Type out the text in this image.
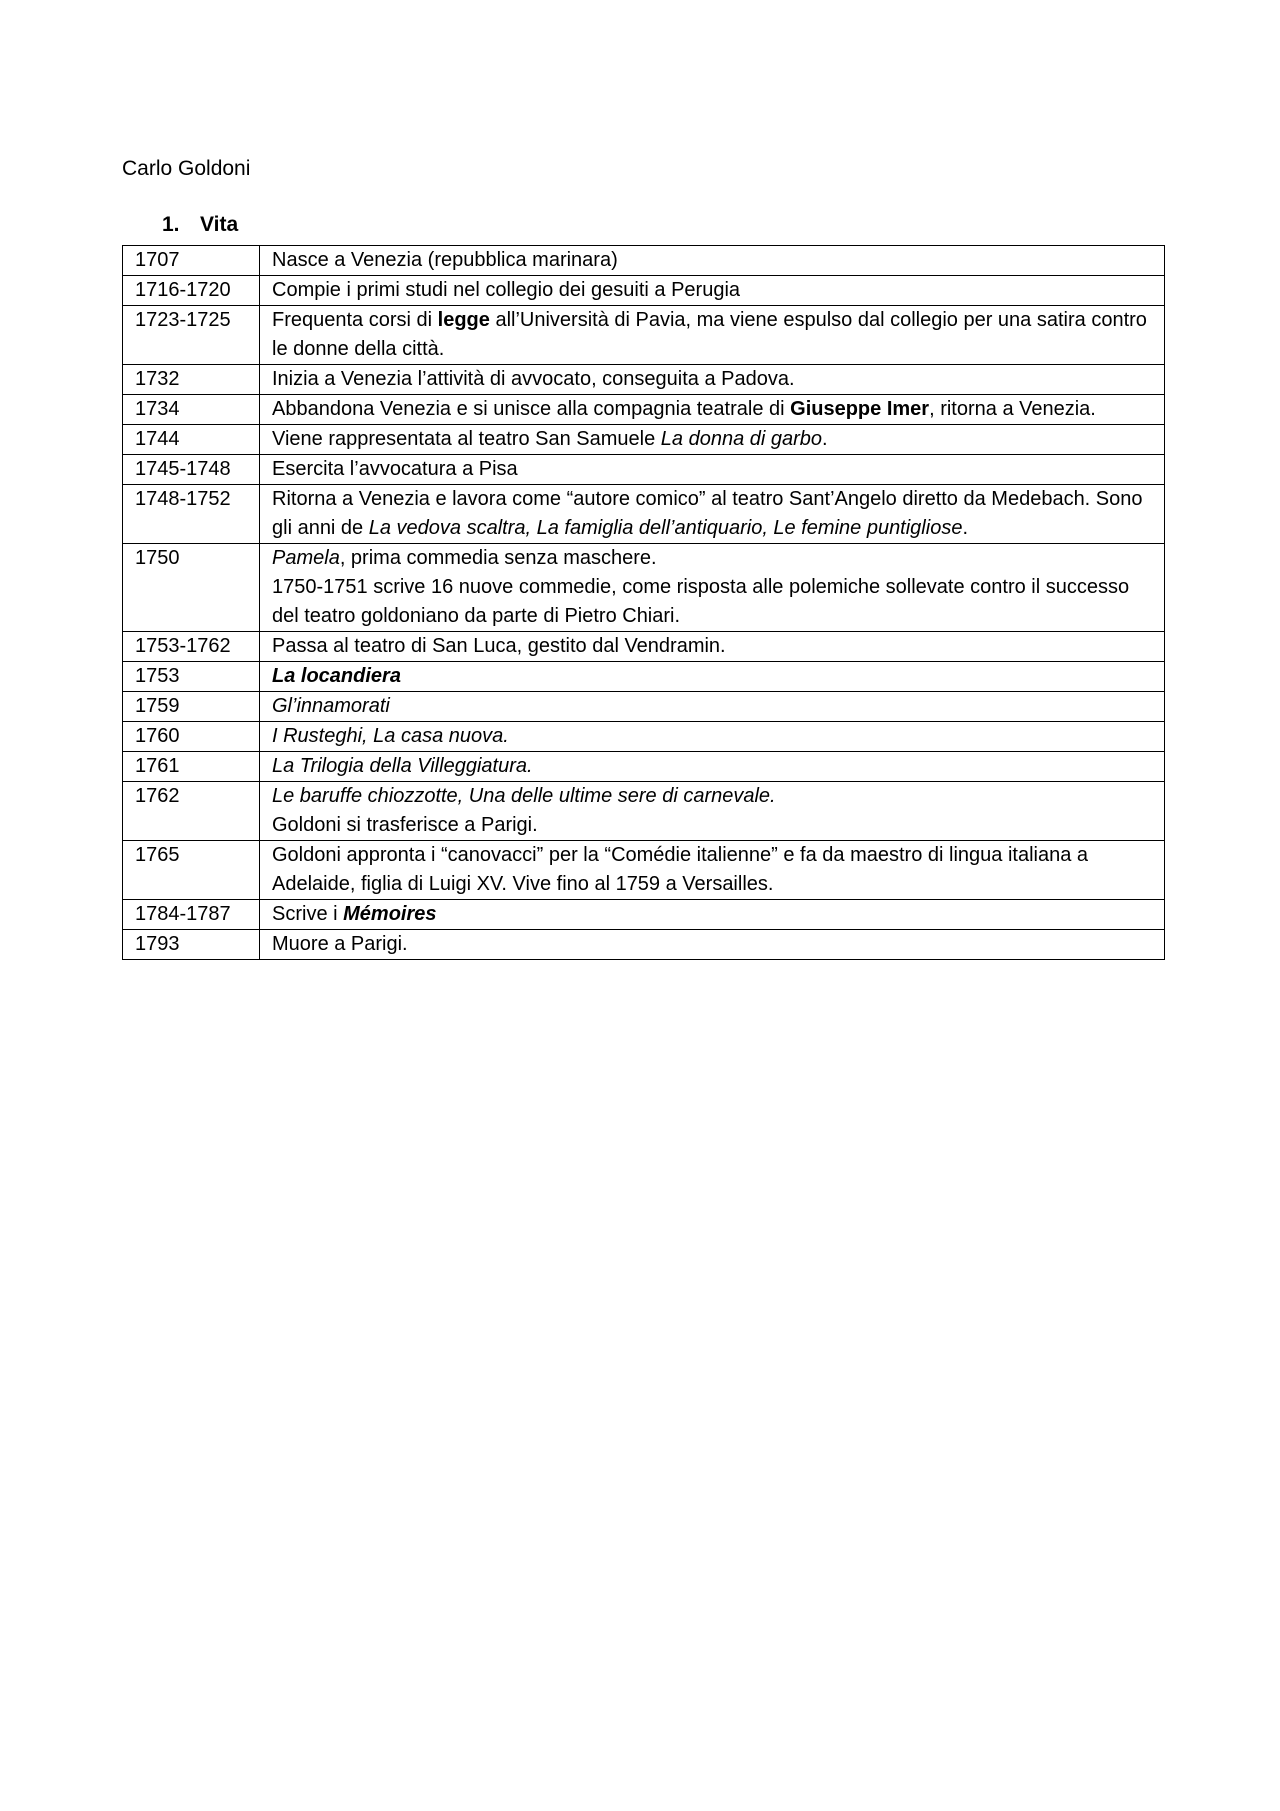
Carlo Goldoni
1. Vita
1707	Nasce a Venezia (repubblica marinara)

1716-1720	Compie i primi studi nel collegio dei gesuiti a Perugia

1723-1725	Frequenta corsi di legge all’Università di Pavia, ma viene espulso dal collegio per una satira contro le donne della città.

1732	Inizia a Venezia l’attività di avvocato, conseguita a Padova.

1734	Abbandona Venezia e si unisce alla compagnia teatrale di Giuseppe Imer, ritorna a Venezia.

1744	Viene rappresentata al teatro San Samuele La donna di garbo.

1745-1748	Esercita l’avvocatura a Pisa

1748-1752	Ritorna a Venezia e lavora come “autore comico” al teatro Sant’Angelo diretto da Medebach. Sono gli anni de La vedova scaltra, La famiglia dell’antiquario, Le femine puntigliose.

1750	Pamela, prima commedia senza maschere.
1750-1751 scrive 16 nuove commedie, come risposta alle polemiche sollevate contro il successo del teatro goldoniano da parte di Pietro Chiari.

1753-1762	Passa al teatro di San Luca, gestito dal Vendramin.

1753	La locandiera

1759	Gl’innamorati

1760	I Rusteghi, La casa nuova.

1761	La Trilogia della Villeggiatura.

1762	Le baruffe chiozzotte, Una delle ultime sere di carnevale.
Goldoni si trasferisce a Parigi.

1765	Goldoni appronta i “canovacci” per la “Comédie italienne” e fa da maestro di lingua italiana a Adelaide, figlia di Luigi XV. Vive fino al 1759 a Versailles.

1784-1787	Scrive i Mémoires

1793	Muore a Parigi.
